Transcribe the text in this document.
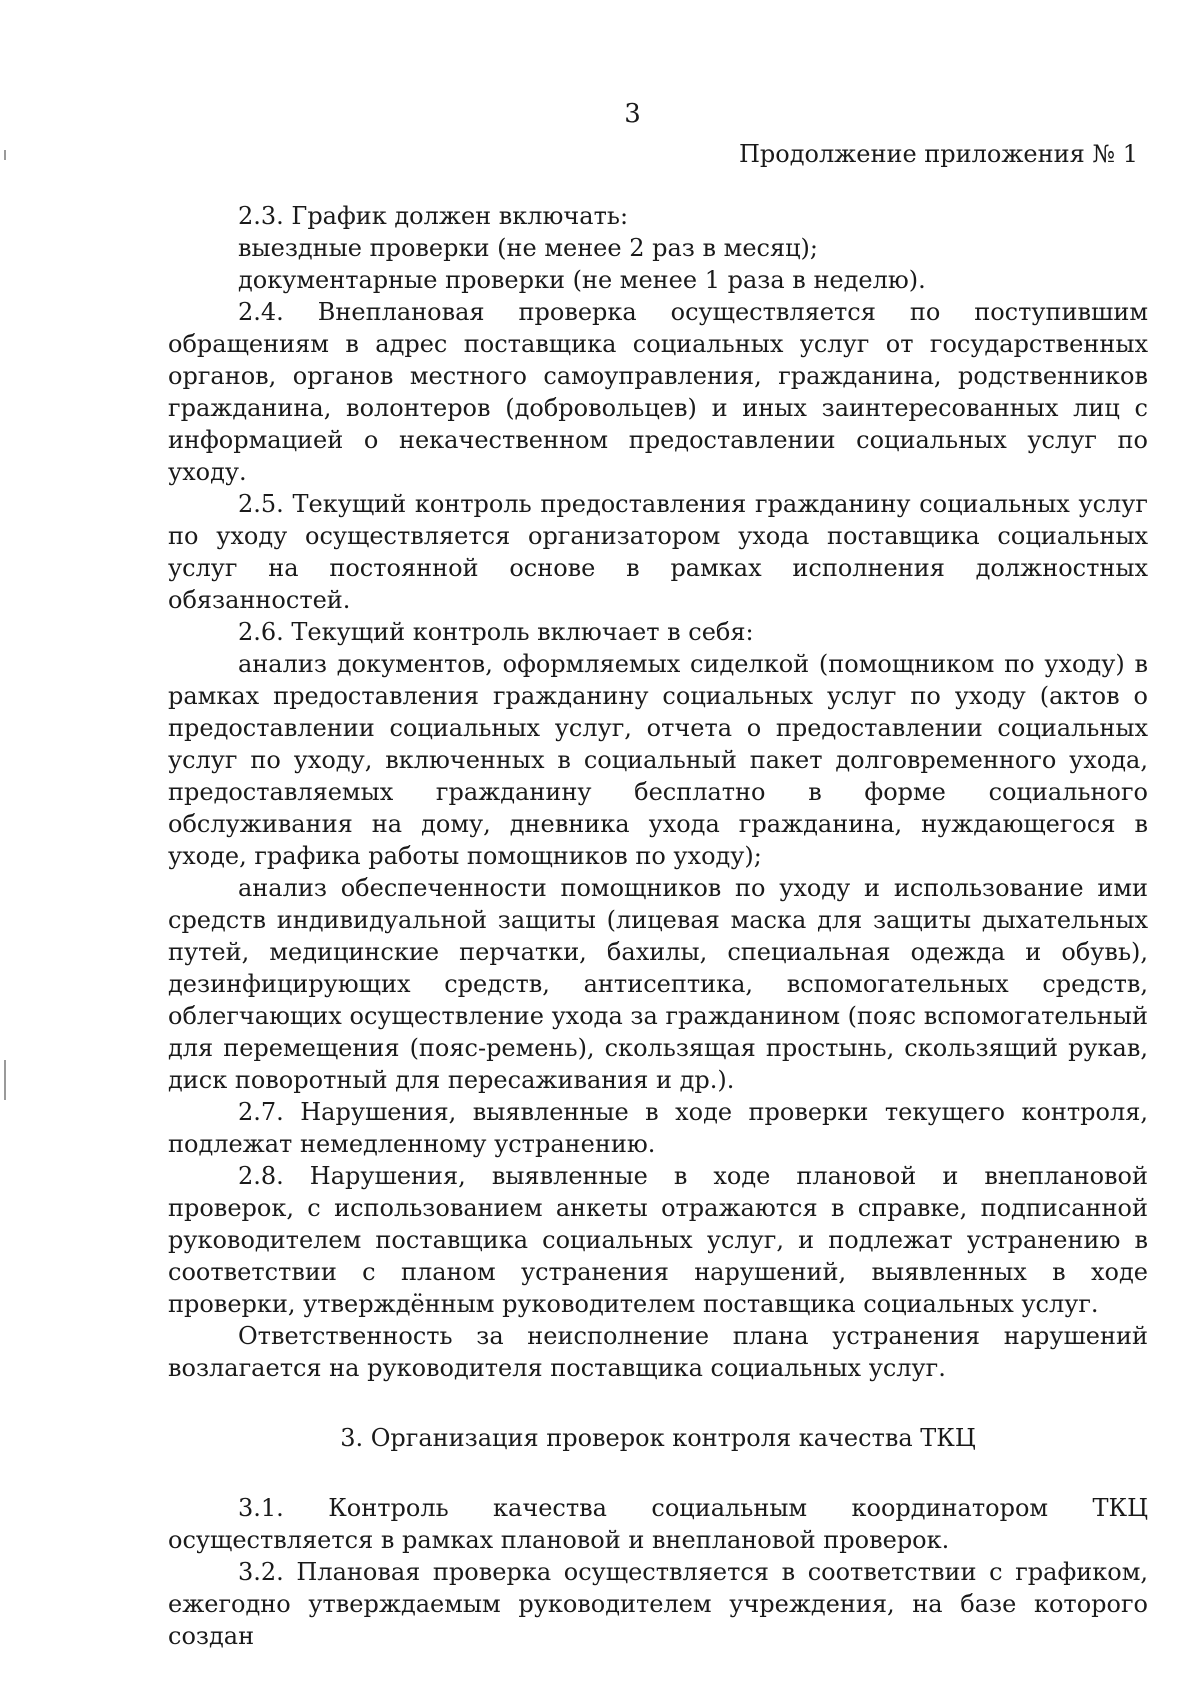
3
Продолжение приложения № 1

2.3. График должен включать:

выездные проверки (не менее 2 раз в месяц);

документарные проверки (не менее 1 раза в неделю).

2.4. Внеплановая проверка осуществляется по поступившим обращениям в адрес поставщика социальных услуг от государственных органов, органов местного самоуправления, гражданина, родственников гражданина, волонтеров (добровольцев) и иных заинтересованных лиц с информацией о некачественном предоставлении социальных услуг по уходу.

2.5. Текущий контроль предоставления гражданину социальных услуг по уходу осуществляется организатором ухода поставщика социальных услуг на постоянной основе в рамках исполнения должностных обязанностей.

2.6. Текущий контроль включает в себя:

анализ документов, оформляемых сиделкой (помощником по уходу) в рамках предоставления гражданину социальных услуг по уходу (актов о предоставлении социальных услуг, отчета о предоставлении социальных услуг по уходу, включенных в социальный пакет долговременного ухода, предоставляемых гражданину бесплатно в форме социального обслуживания на дому, дневника ухода гражданина, нуждающегося в уходе, графика работы помощников по уходу);

анализ обеспеченности помощников по уходу и использование ими средств индивидуальной защиты (лицевая маска для защиты дыхательных путей, медицинские перчатки, бахилы, специальная одежда и обувь), дезинфицирующих средств, антисептика, вспомогательных средств, облегчающих осуществление ухода за гражданином (пояс вспомогательный для перемещения (пояс-ремень), скользящая простынь, скользящий рукав, диск поворотный для пересаживания и др.).

2.7. Нарушения, выявленные в ходе проверки текущего контроля, подлежат немедленному устранению.

2.8. Нарушения, выявленные в ходе плановой и внеплановой проверок, с использованием анкеты отражаются в справке, подписанной руководителем поставщика социальных услуг, и подлежат устранению в соответствии с планом устранения нарушений, выявленных в ходе проверки, утверждённым руководителем поставщика социальных услуг.

Ответственность за неисполнение плана устранения нарушений возлагается на руководителя поставщика социальных услуг.

3. Организация проверок контроля качества ТКЦ

3.1. Контроль качества социальным координатором ТКЦ осуществляется в рамках плановой и внеплановой проверок.

3.2. Плановая проверка осуществляется в соответствии с графиком, ежегодно утверждаемым руководителем учреждения, на базе которого создан
